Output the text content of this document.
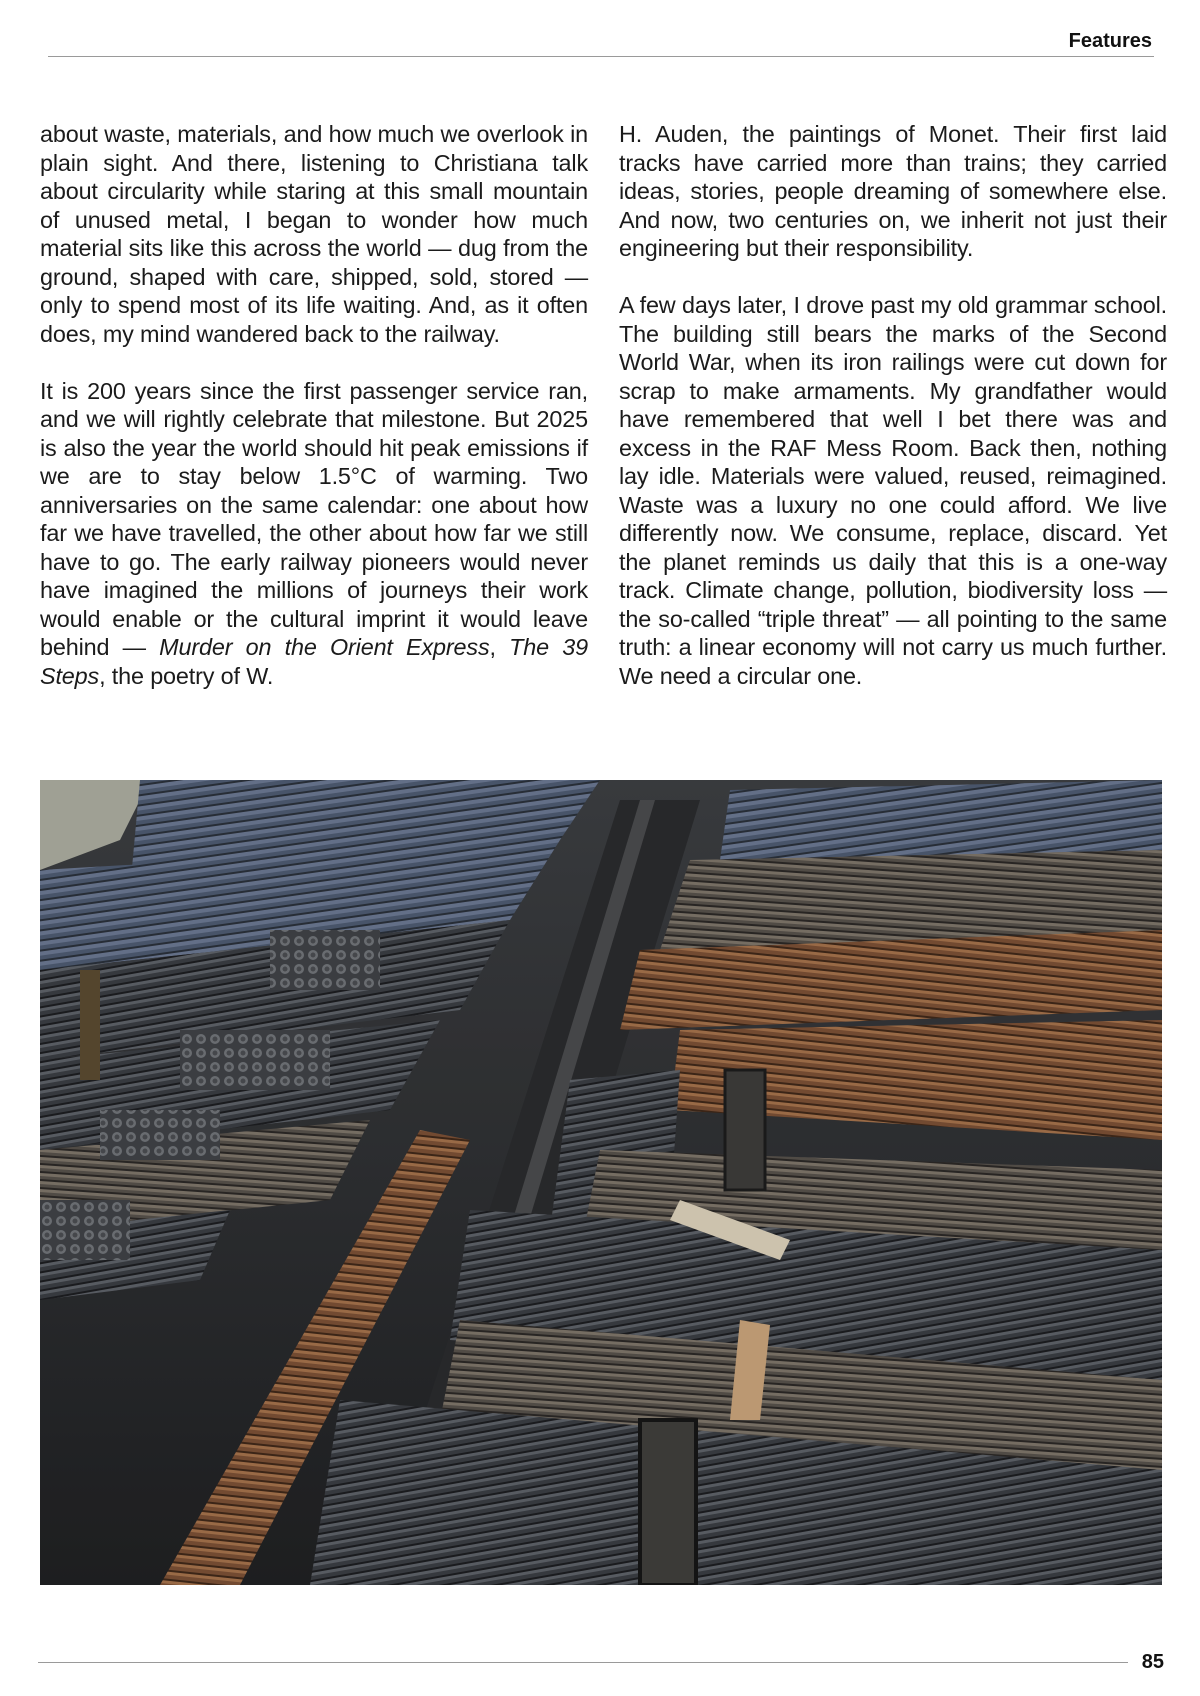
Features

about waste, materials, and how much we overlook in plain sight. And there, listening to Christiana talk about circularity while staring at this small mountain of unused metal, I began to wonder how much material sits like this across the world — dug from the ground, shaped with care, shipped, sold, stored — only to spend most of its life waiting. And, as it often does, my mind wandered back to the railway.

It is 200 years since the first passenger service ran, and we will rightly celebrate that milestone. But 2025 is also the year the world should hit peak emissions if we are to stay below 1.5°C of warming. Two anniversaries on the same calendar: one about how far we have travelled, the other about how far we still have to go. The early railway pioneers would never have imagined the millions of journeys their work would enable or the cultural imprint it would leave behind — Murder on the Orient Express, The 39 Steps, the poetry of W.

H. Auden, the paintings of Monet. Their first laid tracks have carried more than trains; they carried ideas, stories, people dreaming of somewhere else. And now, two centuries on, we inherit not just their engineering but their responsibility.

A few days later, I drove past my old grammar school. The building still bears the marks of the Second World War, when its iron railings were cut down for scrap to make armaments. My grandfather would have remembered that well I bet there was and excess in the RAF Mess Room. Back then, nothing lay idle. Materials were valued, reused, reimagined. Waste was a luxury no one could afford. We live differently now. We consume, replace, discard. Yet the planet reminds us daily that this is a one-way track. Climate change, pollution, biodiversity loss — the so-called “triple threat” — all pointing to the same truth: a linear economy will not carry us much further. We need a circular one.

85
